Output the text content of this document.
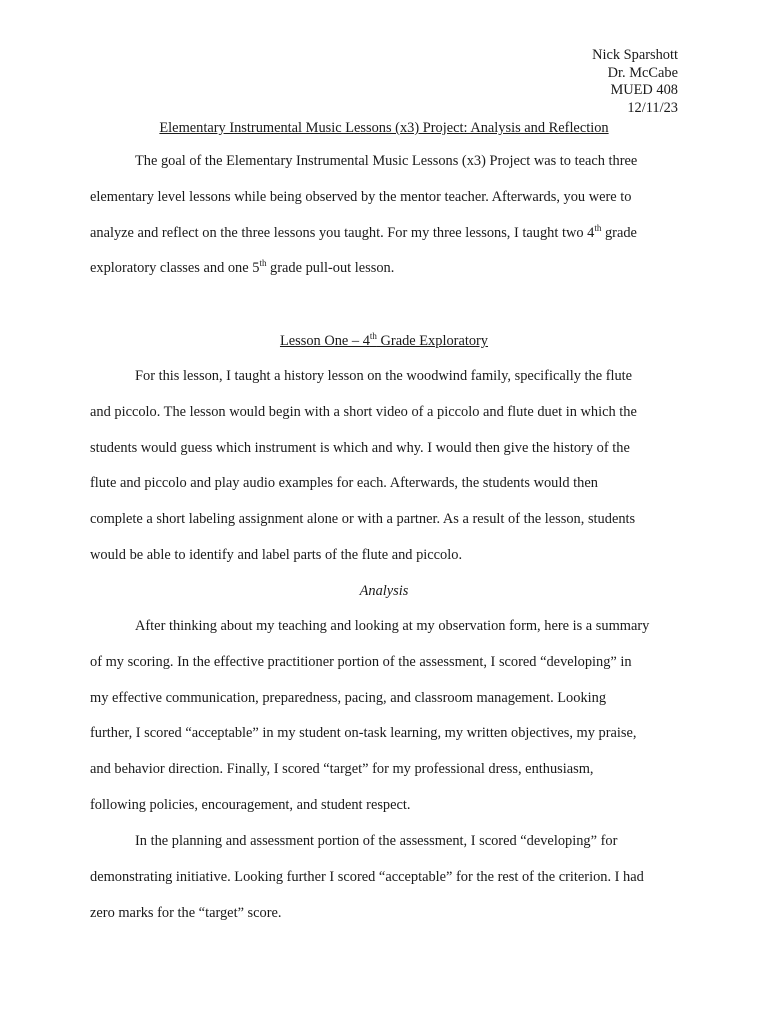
Nick Sparshott
Dr. McCabe
MUED 408
12/11/23
Elementary Instrumental Music Lessons (x3) Project: Analysis and Reflection
The goal of the Elementary Instrumental Music Lessons (x3) Project was to teach three
elementary level lessons while being observed by the mentor teacher. Afterwards, you were to
analyze and reflect on the three lessons you taught. For my three lessons, I taught two 4th grade
exploratory classes and one 5th grade pull-out lesson.
Lesson One – 4th Grade Exploratory
For this lesson, I taught a history lesson on the woodwind family, specifically the flute
and piccolo. The lesson would begin with a short video of a piccolo and flute duet in which the
students would guess which instrument is which and why. I would then give the history of the
flute and piccolo and play audio examples for each. Afterwards, the students would then
complete a short labeling assignment alone or with a partner. As a result of the lesson, students
would be able to identify and label parts of the flute and piccolo.
Analysis
After thinking about my teaching and looking at my observation form, here is a summary
of my scoring. In the effective practitioner portion of the assessment, I scored “developing” in
my effective communication, preparedness, pacing, and classroom management. Looking
further, I scored “acceptable” in my student on-task learning, my written objectives, my praise,
and behavior direction. Finally, I scored “target” for my professional dress, enthusiasm,
following policies, encouragement, and student respect.
In the planning and assessment portion of the assessment, I scored “developing” for
demonstrating initiative. Looking further I scored “acceptable” for the rest of the criterion. I had
zero marks for the “target” score.
